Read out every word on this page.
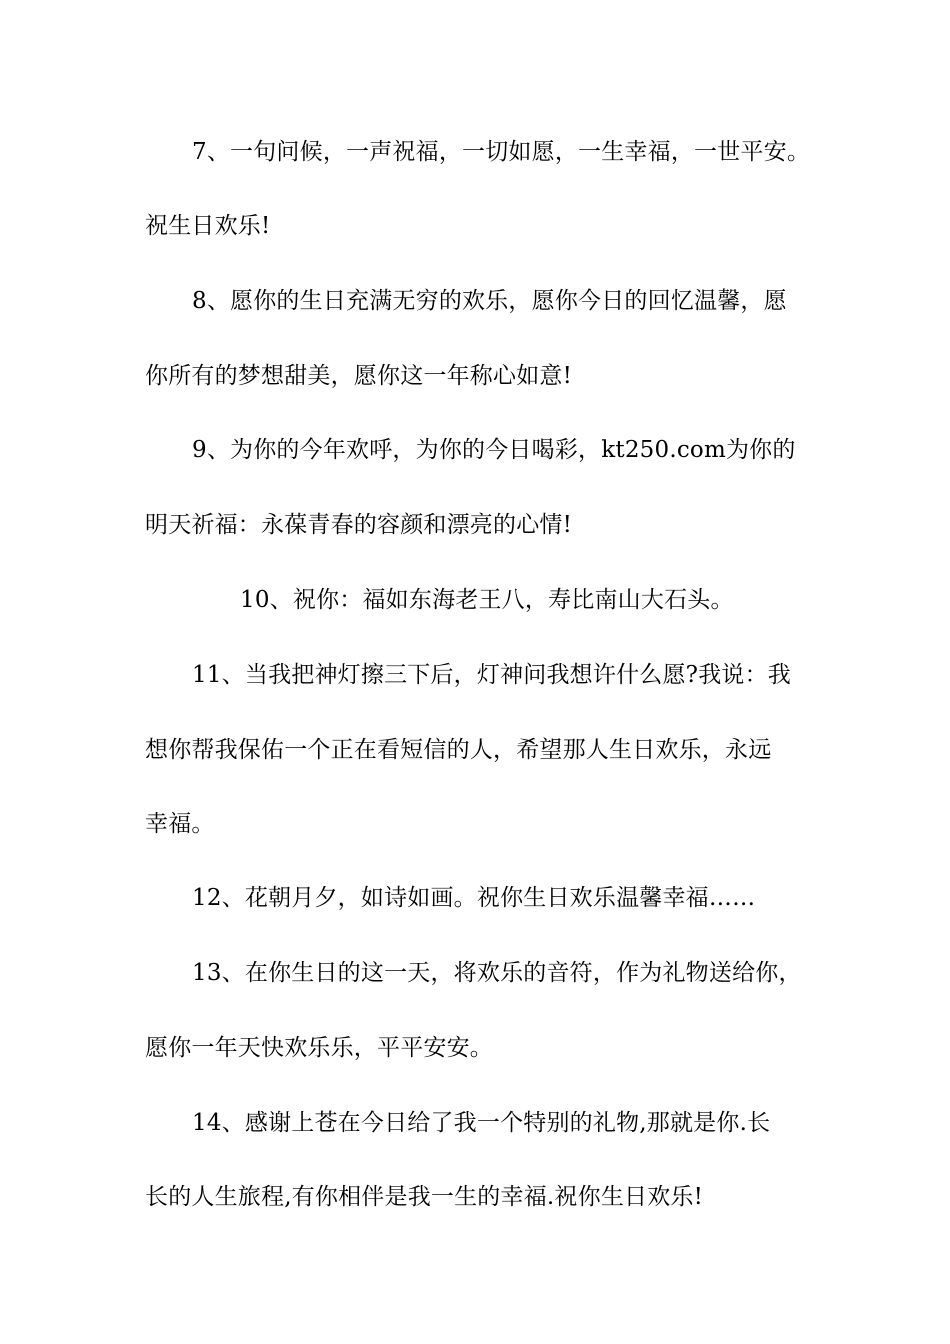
7、一句问候，一声祝福，一切如愿，一生幸福，一世平安。
祝生日欢乐!
8、愿你的生日充满无穷的欢乐，愿你今日的回忆温馨，愿
你所有的梦想甜美，愿你这一年称心如意!
9、为你的今年欢呼，为你的今日喝彩，kt250.com为你的
明天祈福：永葆青春的容颜和漂亮的心情!
10、祝你：福如东海老王八，寿比南山大石头。
11、当我把神灯擦三下后，灯神问我想许什么愿?我说：我
想你帮我保佑一个正在看短信的人，希望那人生日欢乐，永远
幸福。
12、花朝月夕，如诗如画。祝你生日欢乐温馨幸福……
13、在你生日的这一天，将欢乐的音符，作为礼物送给你，
愿你一年天快欢乐乐，平平安安。
14、感谢上苍在今日给了我一个特别的礼物,那就是你.长
长的人生旅程,有你相伴是我一生的幸福.祝你生日欢乐!
